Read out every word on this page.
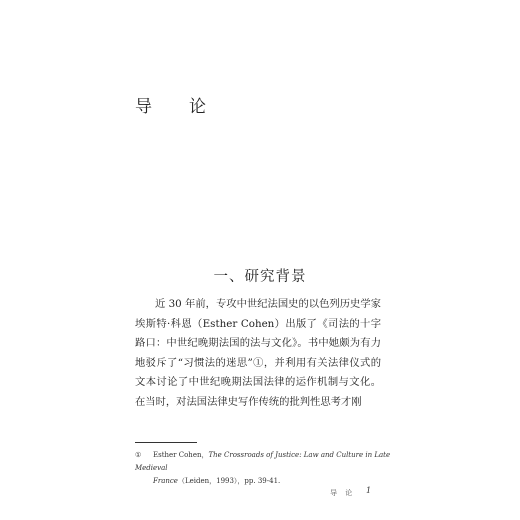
导　论
一、研究背景

近 30 年前，专攻中世纪法国史的以色列历史学家埃斯特·科恩（Esther Cohen）出版了《司法的十字路口：中世纪晚期法国的法与文化》。书中她颇为有力地驳斥了“习惯法的迷思”①，并利用有关法律仪式的文本讨论了中世纪晚期法国法律的运作机制与文化。在当时，对法国法律史写作传统的批判性思考才刚

① Esther Cohen，The Crossroads of Justice: Law and Culture in Late Medieval
France（Leiden，1993），pp. 39-41.
导 论 1
